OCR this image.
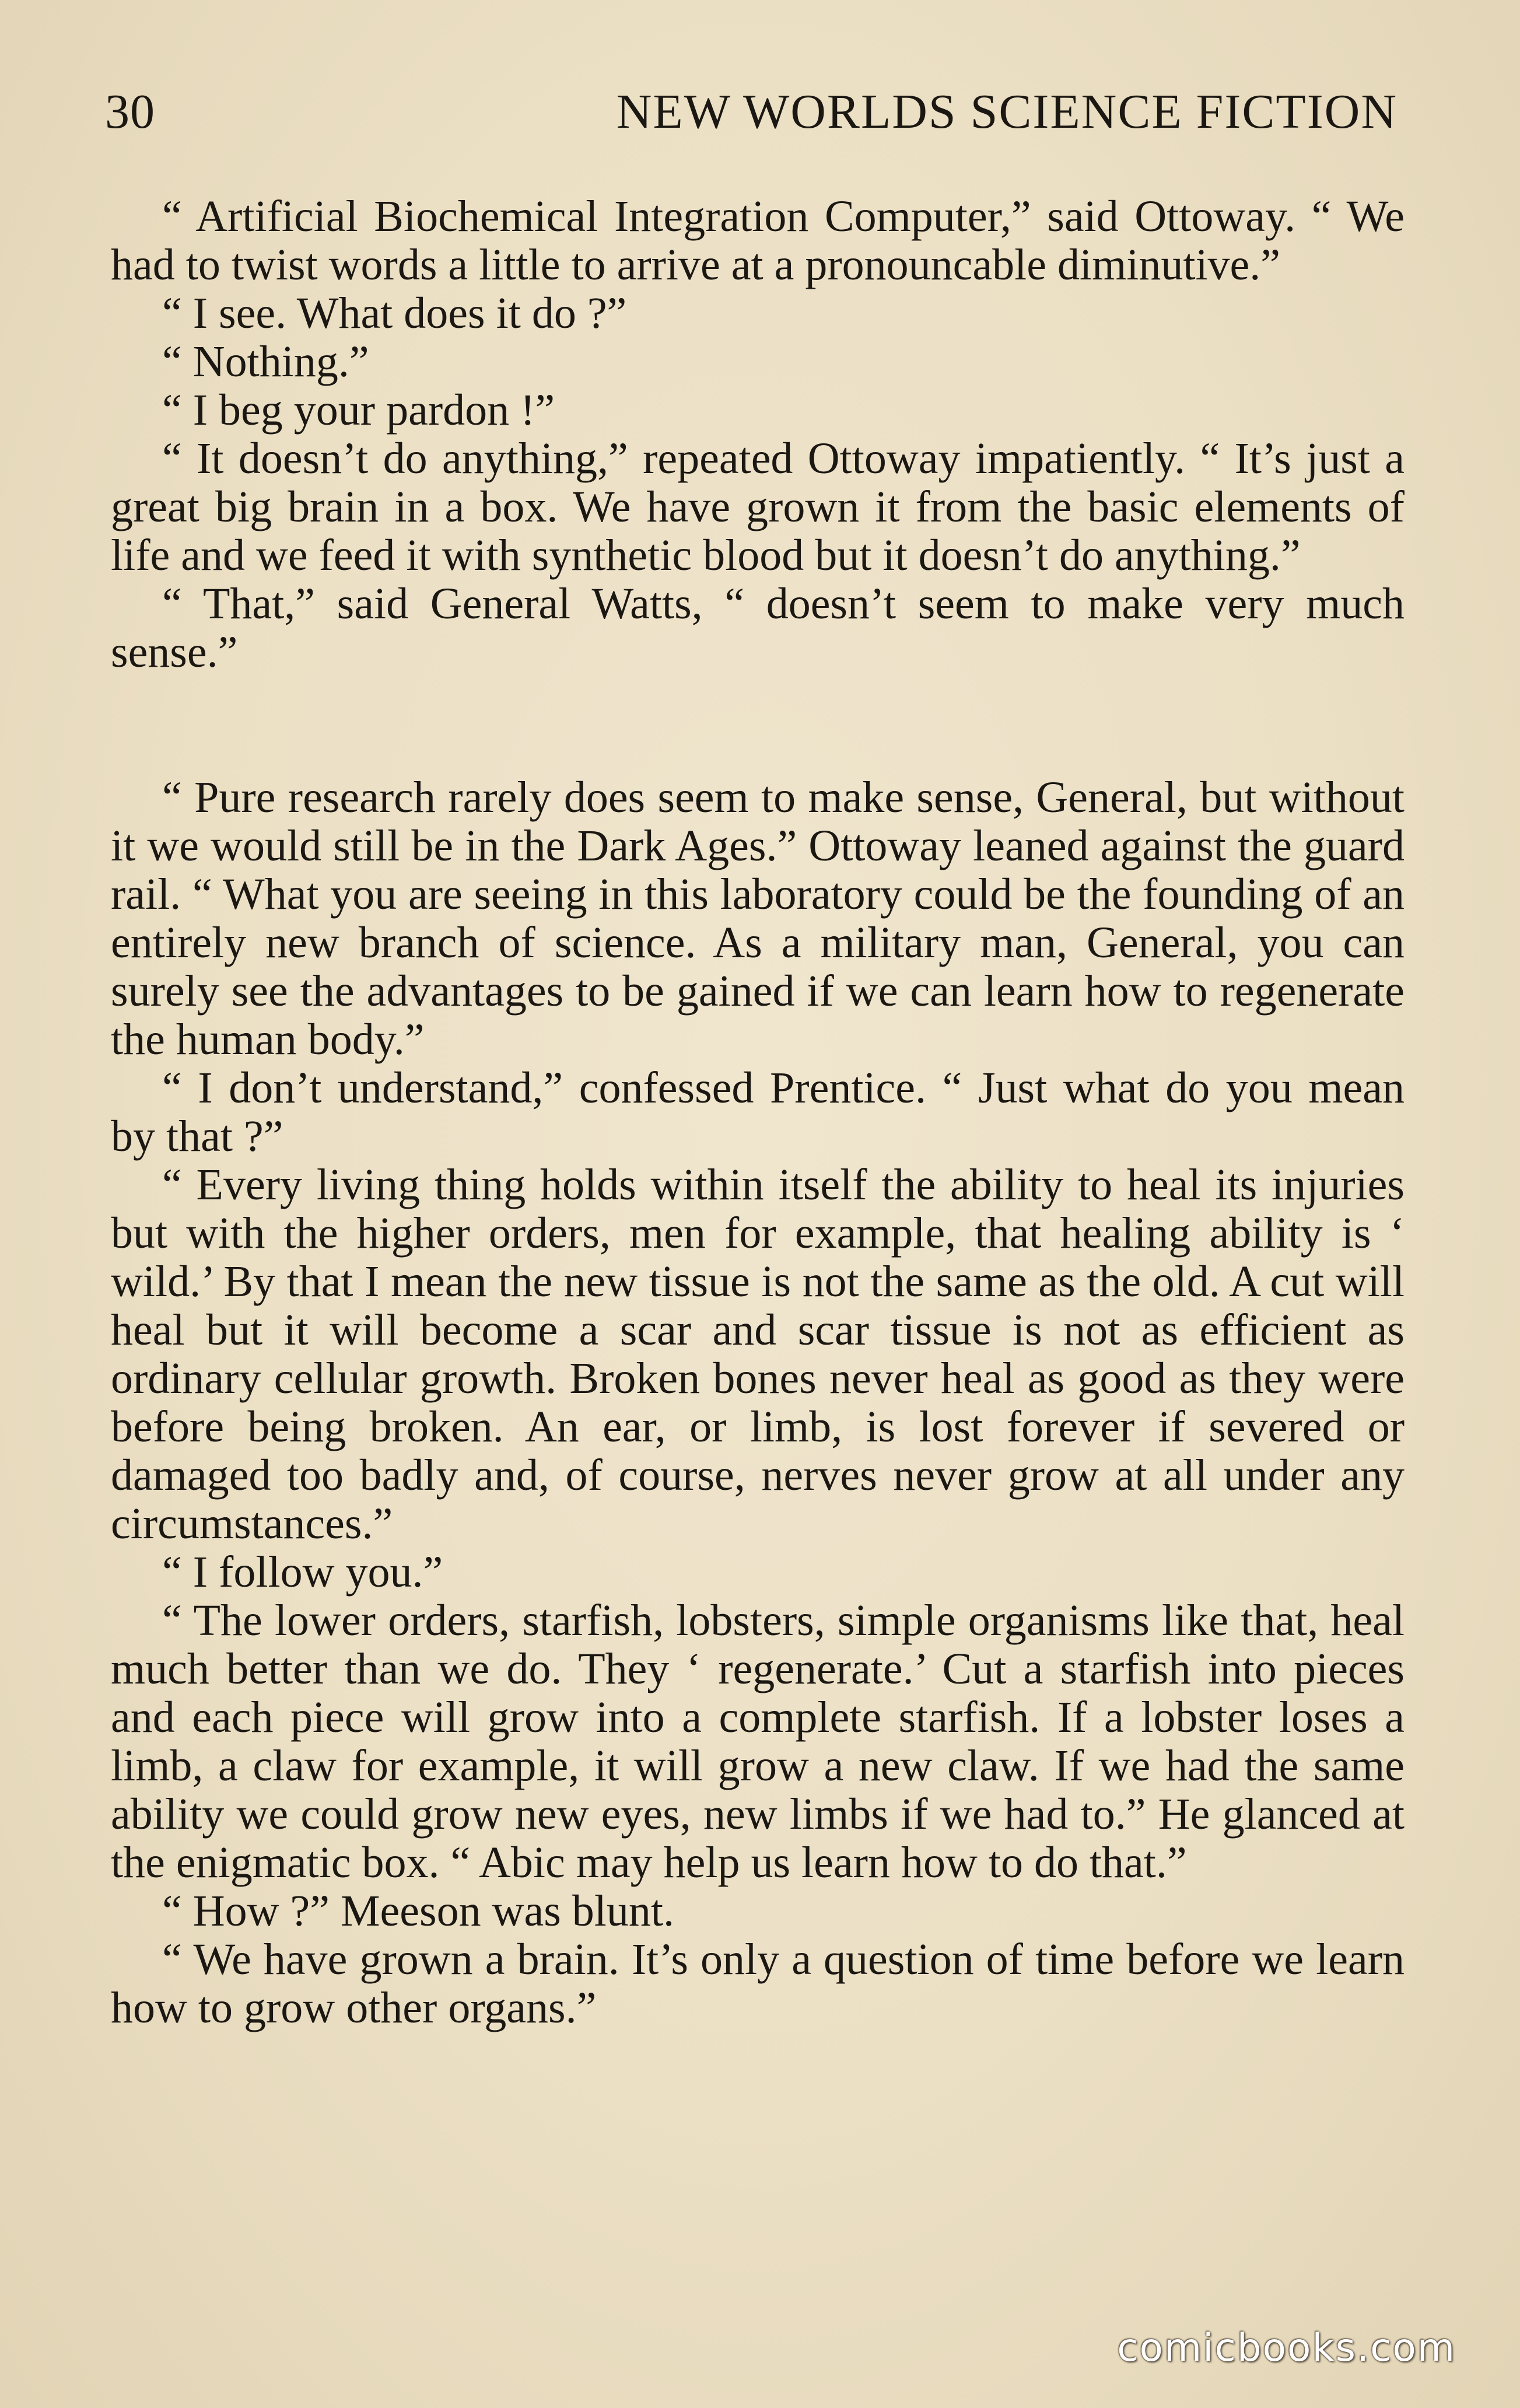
30	NEW WORLDS SCIENCE FICTION

“ Artificial Biochemical Integration Computer,” said Ottoway. “ We had to twist words a little to arrive at a pronouncable diminutive.”

“ I see. What does it do ?”

“ Nothing.”

“ I beg your pardon !”

“ It doesn’t do anything,” repeated Ottoway impatiently. “ It’s just a great big brain in a box. We have grown it from the basic elements of life and we feed it with synthetic blood but it doesn’t do anything.”

“ That,” said General Watts, “ doesn’t seem to make very much sense.”

“ Pure research rarely does seem to make sense, General, but without it we would still be in the Dark Ages.” Ottoway leaned against the guard rail. “ What you are seeing in this laboratory could be the founding of an entirely new branch of science. As a military man, General, you can surely see the advantages to be gained if we can learn how to regenerate the human body.”

“ I don’t understand,” confessed Prentice. “ Just what do you mean by that ?”

“ Every living thing holds within itself the ability to heal its injuries but with the higher orders, men for example, that healing ability is ‘ wild.’ By that I mean the new tissue is not the same as the old. A cut will heal but it will become a scar and scar tissue is not as efficient as ordinary cellular growth. Broken bones never heal as good as they were before being broken. An ear, or limb, is lost forever if severed or damaged too badly and, of course, nerves never grow at all under any circumstances.”

“ I follow you.”

“ The lower orders, starfish, lobsters, simple organisms like that, heal much better than we do. They ‘ regenerate.’ Cut a starfish into pieces and each piece will grow into a complete starfish. If a lobster loses a limb, a claw for example, it will grow a new claw. If we had the same ability we could grow new eyes, new limbs if we had to.” He glanced at the enigmatic box. “ Abic may help us learn how to do that.”

“ How ?” Meeson was blunt.

“ We have grown a brain. It’s only a question of time before we learn how to grow other organs.”

comicbooks.com
